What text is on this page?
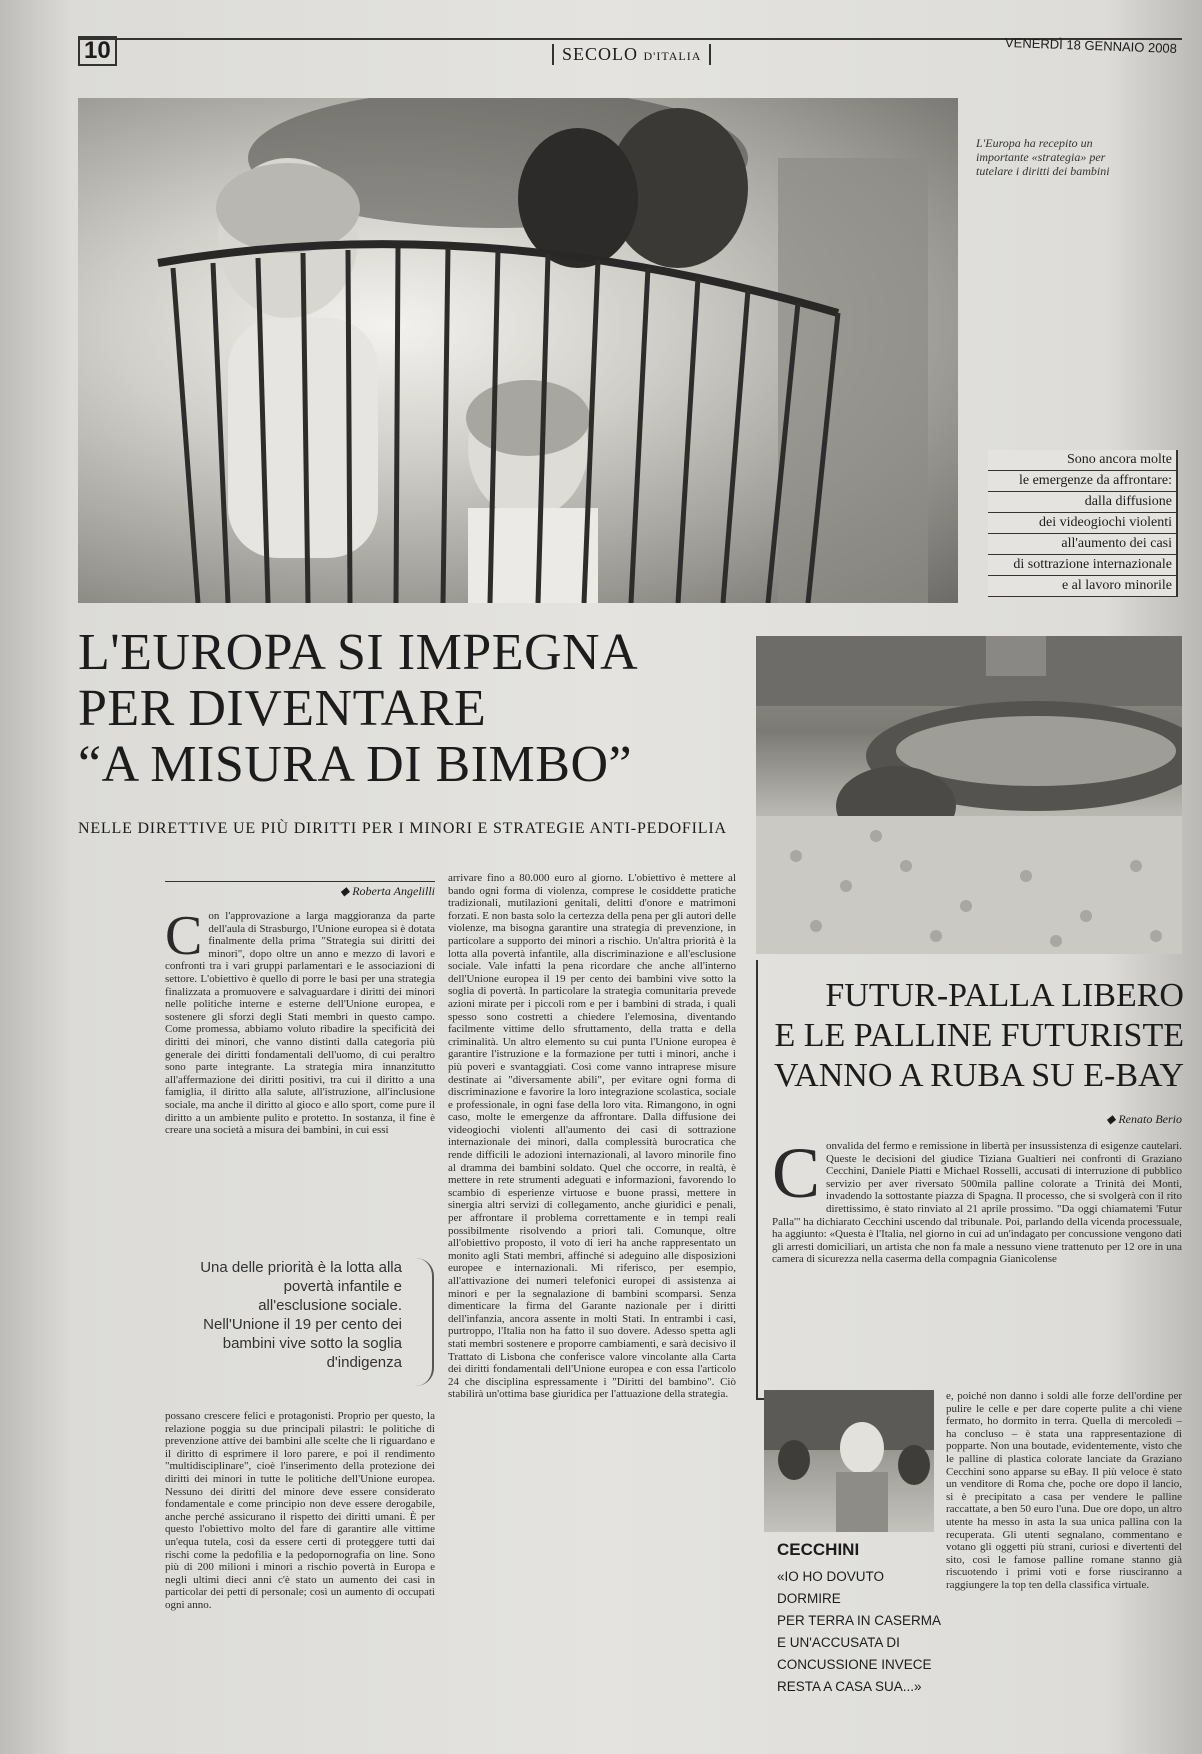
10	SECOLO D'ITALIA
VENERDÌ 18 GENNAIO 2008
L'Europa ha recepito un importante «strategia» per tutelare i diritti dei bambini
Sono ancora molte
le emergenze da affrontare:
dalla diffusione
dei videogiochi violenti
all'aumento dei casi
di sottrazione internazionale
e al lavoro minorile
L'EUROPA SI IMPEGNA
PER DIVENTARE
“A MISURA DI BIMBO”
NELLE DIRETTIVE UE PIÙ DIRITTI PER I MINORI E STRATEGIE ANTI-PEDOFILIA
◆ Roberta Angelilli
C on l'approvazione a larga maggioranza da parte dell'aula di Strasburgo, l'Unione europea si è dotata finalmente della prima "Strategia sui diritti dei minori", dopo oltre un anno e mezzo di lavori e confronti tra i vari gruppi parlamentari e le associazioni di settore. L'obiettivo è quello di porre le basi per una strategia finalizzata a promuovere e salvaguardare i diritti dei minori nelle politiche interne e esterne dell'Unione europea, e sostenere gli sforzi degli Stati membri in questo campo. Come promessa, abbiamo voluto ribadire la specificità dei diritti dei minori, che vanno distinti dalla categoria più generale dei diritti fondamentali dell'uomo, di cui peraltro sono parte integrante. La strategia mira innanzitutto all'affermazione dei diritti positivi, tra cui il diritto a una famiglia, il diritto alla salute, all'istruzione, all'inclusione sociale, ma anche il diritto al gioco e allo sport, come pure il diritto a un ambiente pulito e protetto. In sostanza, il fine è creare una società a misura dei bambini, in cui essi
Una delle priorità è la lotta alla povertà infantile e all'esclusione sociale. Nell'Unione il 19 per cento dei bambini vive sotto la soglia d'indigenza
possano crescere felici e protagonisti. Proprio per questo, la relazione poggia su due principali pilastri: le politiche di prevenzione attive dei bambini alle scelte che li riguardano e il diritto di esprimere il loro parere, e poi il rendimento "multidisciplinare", cioè l'inserimento della protezione dei diritti dei minori in tutte le politiche dell'Unione europea. Nessuno dei diritti del minore deve essere considerato fondamentale e come principio non deve essere derogabile, anche perché assicurano il rispetto dei diritti umani. È per questo l'obiettivo molto del fare di garantire alle vittime un'equa tutela, così da essere certi di proteggere tutti dai rischi come la pedofilia e la pedopornografia on line. Sono più di 200 milioni i minori a rischio povertà in Europa e negli ultimi dieci anni c'è stato un aumento dei casi in particolar dei petti di personale; così un aumento di occupati ogni anno.
arrivare fino a 80.000 euro al giorno. L'obiettivo è mettere al bando ogni forma di violenza, comprese le cosiddette pratiche tradizionali, mutilazioni genitali, delitti d'onore e matrimoni forzati. E non basta solo la certezza della pena per gli autori delle violenze, ma bisogna garantire una strategia di prevenzione, in particolare a supporto dei minori a rischio. Un'altra priorità è la lotta alla povertà infantile, alla discriminazione e all'esclusione sociale. Vale infatti la pena ricordare che anche all'interno dell'Unione europea il 19 per cento dei bambini vive sotto la soglia di povertà. In particolare la strategia comunitaria prevede azioni mirate per i piccoli rom e per i bambini di strada, i quali spesso sono costretti a chiedere l'elemosina, diventando facilmente vittime dello sfruttamento, della tratta e della criminalità. Un altro elemento su cui punta l'Unione europea è garantire l'istruzione e la formazione per tutti i minori, anche i più poveri e svantaggiati. Così come vanno intraprese misure destinate ai "diversamente abili", per evitare ogni forma di discriminazione e favorire la loro integrazione scolastica, sociale e professionale, in ogni fase della loro vita. Rimangono, in ogni caso, molte le emergenze da affrontare. Dalla diffusione dei videogiochi violenti all'aumento dei casi di sottrazione internazionale dei minori, dalla complessità burocratica che rende difficili le adozioni internazionali, al lavoro minorile fino al dramma dei bambini soldato. Quel che occorre, in realtà, è mettere in rete strumenti adeguati e informazioni, favorendo lo scambio di esperienze virtuose e buone prassi, mettere in sinergia altri servizi di collegamento, anche giuridici e penali, per affrontare il problema correttamente e in tempi reali possibilmente risolvendo a priori tali. Comunque, oltre all'obiettivo proposto, il voto di ieri ha anche rappresentato un monito agli Stati membri, affinché si adeguino alle disposizioni europee e internazionali. Mi riferisco, per esempio, all'attivazione dei numeri telefonici europei di assistenza ai minori e per la segnalazione di bambini scomparsi. Senza dimenticare la firma del Garante nazionale per i diritti dell'infanzia, ancora assente in molti Stati. In entrambi i casi, purtroppo, l'Italia non ha fatto il suo dovere. Adesso spetta agli stati membri sostenere e proporre cambiamenti, e sarà decisivo il Trattato di Lisbona che conferisce valore vincolante alla Carta dei diritti fondamentali dell'Unione europea e con essa l'articolo 24 che disciplina espressamente i "Diritti del bambino". Ciò stabilirà un'ottima base giuridica per l'attuazione della strategia.
FUTUR-PALLA LIBERO
E LE PALLINE FUTURISTE
VANNO A RUBA SU E-BAY
◆ Renato Berio
C onvalida del fermo e remissione in libertà per insussistenza di esigenze cautelari. Queste le decisioni del giudice Tiziana Gualtieri nei confronti di Graziano Cecchini, Daniele Piatti e Michael Rosselli, accusati di interruzione di pubblico servizio per aver riversato 500mila palline colorate a Trinità dei Monti, invadendo la sottostante piazza di Spagna. Il processo, che si svolgerà con il rito direttissimo, è stato rinviato al 21 aprile prossimo. "Da oggi chiamatemi 'Futur Palla'" ha dichiarato Cecchini uscendo dal tribunale. Poi, parlando della vicenda processuale, ha aggiunto: «Questa è l'Italia, nel giorno in cui ad un'indagato per concussione vengono dati gli arresti domiciliari, un artista che non fa male a nessuno viene trattenuto per 12 ore in una camera di sicurezza nella caserma della compagnia Gianicolense
e, poiché non danno i soldi alle forze dell'ordine per pulire le celle e per dare coperte pulite a chi viene fermato, ho dormito in terra. Quella di mercoledì – ha concluso – è stata una rappresentazione di popparte. Non una boutade, evidentemente, visto che le palline di plastica colorate lanciate da Graziano Cecchini sono apparse su eBay. Il più veloce è stato un venditore di Roma che, poche ore dopo il lancio, si è precipitato a casa per vendere le palline raccattate, a ben 50 euro l'una. Due ore dopo, un altro utente ha messo in asta la sua unica pallina con la recuperata. Gli utenti segnalano, commentano e votano gli oggetti più strani, curiosi e divertenti del sito, così le famose palline romane stanno già riscuotendo i primi voti e forse riusciranno a raggiungere la top ten della classifica virtuale.
CECCHINI
«IO HO DOVUTO DORMIRE
PER TERRA IN CASERMA
E UN'ACCUSATA DI
CONCUSSIONE INVECE
RESTA A CASA SUA...»
